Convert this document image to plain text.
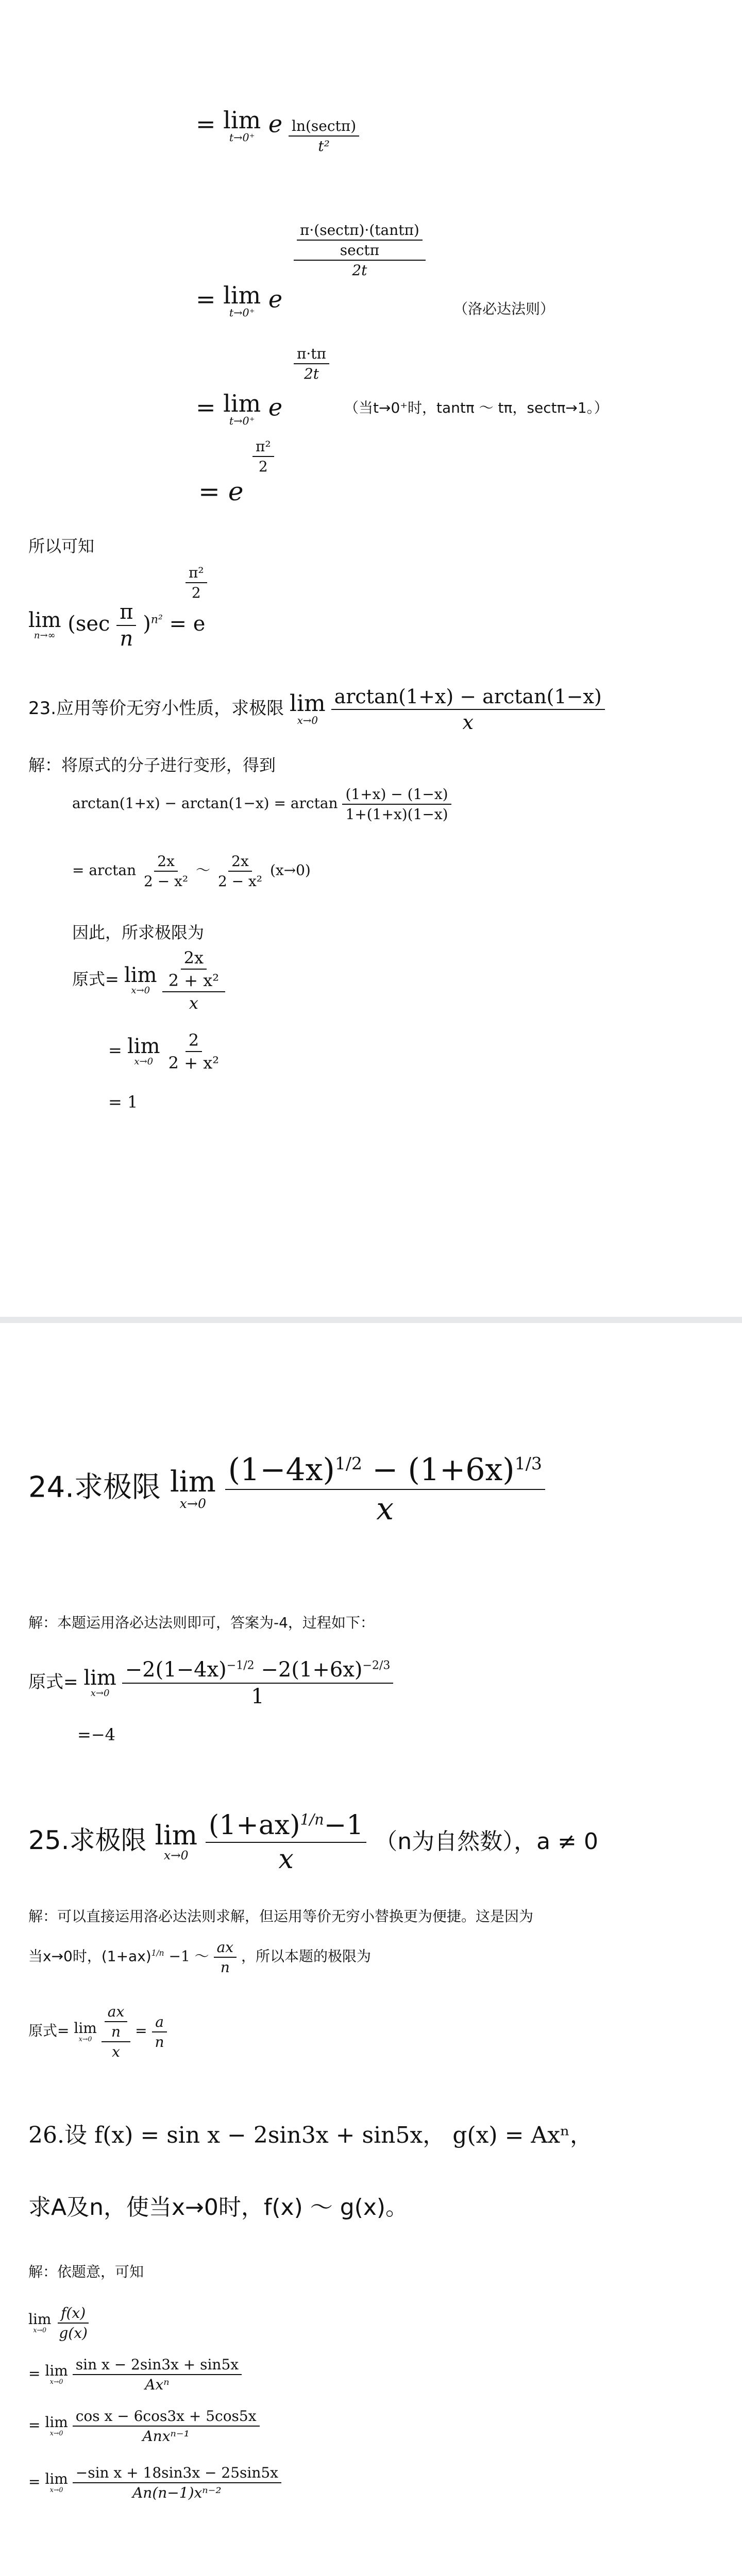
= lim
t→0⁺ e $\frac{\ln(\sec t\pi)}{\text{t²}}$
= lim
t→0⁺ e
$\frac{\frac{\pi\cdot(\sec t\pi)\cdot(\tan t\pi)}{\sec t\pi}}{2t}$
（洛必达法则）
= lim
t→0⁺ e
$\frac{\pi\cdot t\pi}{2t}$
（当t→0⁺时，tantπ ～ tπ，sectπ→1。）
= e
$\frac{\text{π²}}{2}$
所以可知
lim
n→∞ $(\sec \frac{\pi}{n} )^{n^2} = e$
$\frac{\text{π²}}{2}$
23.应用等价无穷小性质，求极限 lim
x→0
$\frac{\arctan(1+x) - \arctan(1-x)}{x}$
解：将原式的分子进行变形，得到
$\arctan(1+x) - \arctan(1-x) = \arctan \frac{(1+x) - (1-x)}{1+(1+x)(1-x)}$
= $\arctan \frac{2x}{\text{2 − x²}}$ ～ $\frac{2x}{\text{2 − x²}} (x\to 0)$
因此，所求极限为
原式= lim
x→0
$\frac{\frac{2x}{\text{2 + x²}}}{x}$
= lim
x→0
$\frac{2}{\text{2 + x²}}$
= 1
24.求极限 lim
x→0
$\frac{(1-4x)^{1/2} - (1+6x)^{1/3}}{x}$
解：本题运用洛必达法则即可，答案为-4，过程如下：
原式= lim
x→0
$\frac{-2(1-4x)^{-1/2} -2(1+6x)^{-2/3}}{1}$
=−4
25.求极限 lim
x→0
$\frac{(1+ax)^{1/n}-1}{x} (n$为自然数），a ≠ 0
解：可以直接运用洛必达法则求解，但运用等价无穷小替换更为便捷。这是因为
当x→0时，$(1+ax)^{1/n} -1$ ～ $\frac{ax}{n}$ ，所以本题的极限为
原式= lim
x→0
$\frac{\frac{ax}{n}}{x} = \frac{a}{n}$
26.设 f(x) = sin x − 2sin3x + sin5x， g(x) = Axⁿ，
求A及n，使当x→0时，f(x) ～ g(x)。
解：依题意，可知
lim
x→0
$\frac{f(x)}{g(x)}$
= lim
x→0
$\frac{\text{sin x − 2sin3x + sin5x}}{\text{Axⁿ}}$
= lim
x→0
$\frac{\text{cos x − 6cos3x + 5cos5x}}{\text{Anxⁿ⁻¹}}$
= lim
x→0
$\frac{\text{−sin x + 18sin3x − 25sin5x}}{\text{An(n−1)xⁿ⁻²}}$
